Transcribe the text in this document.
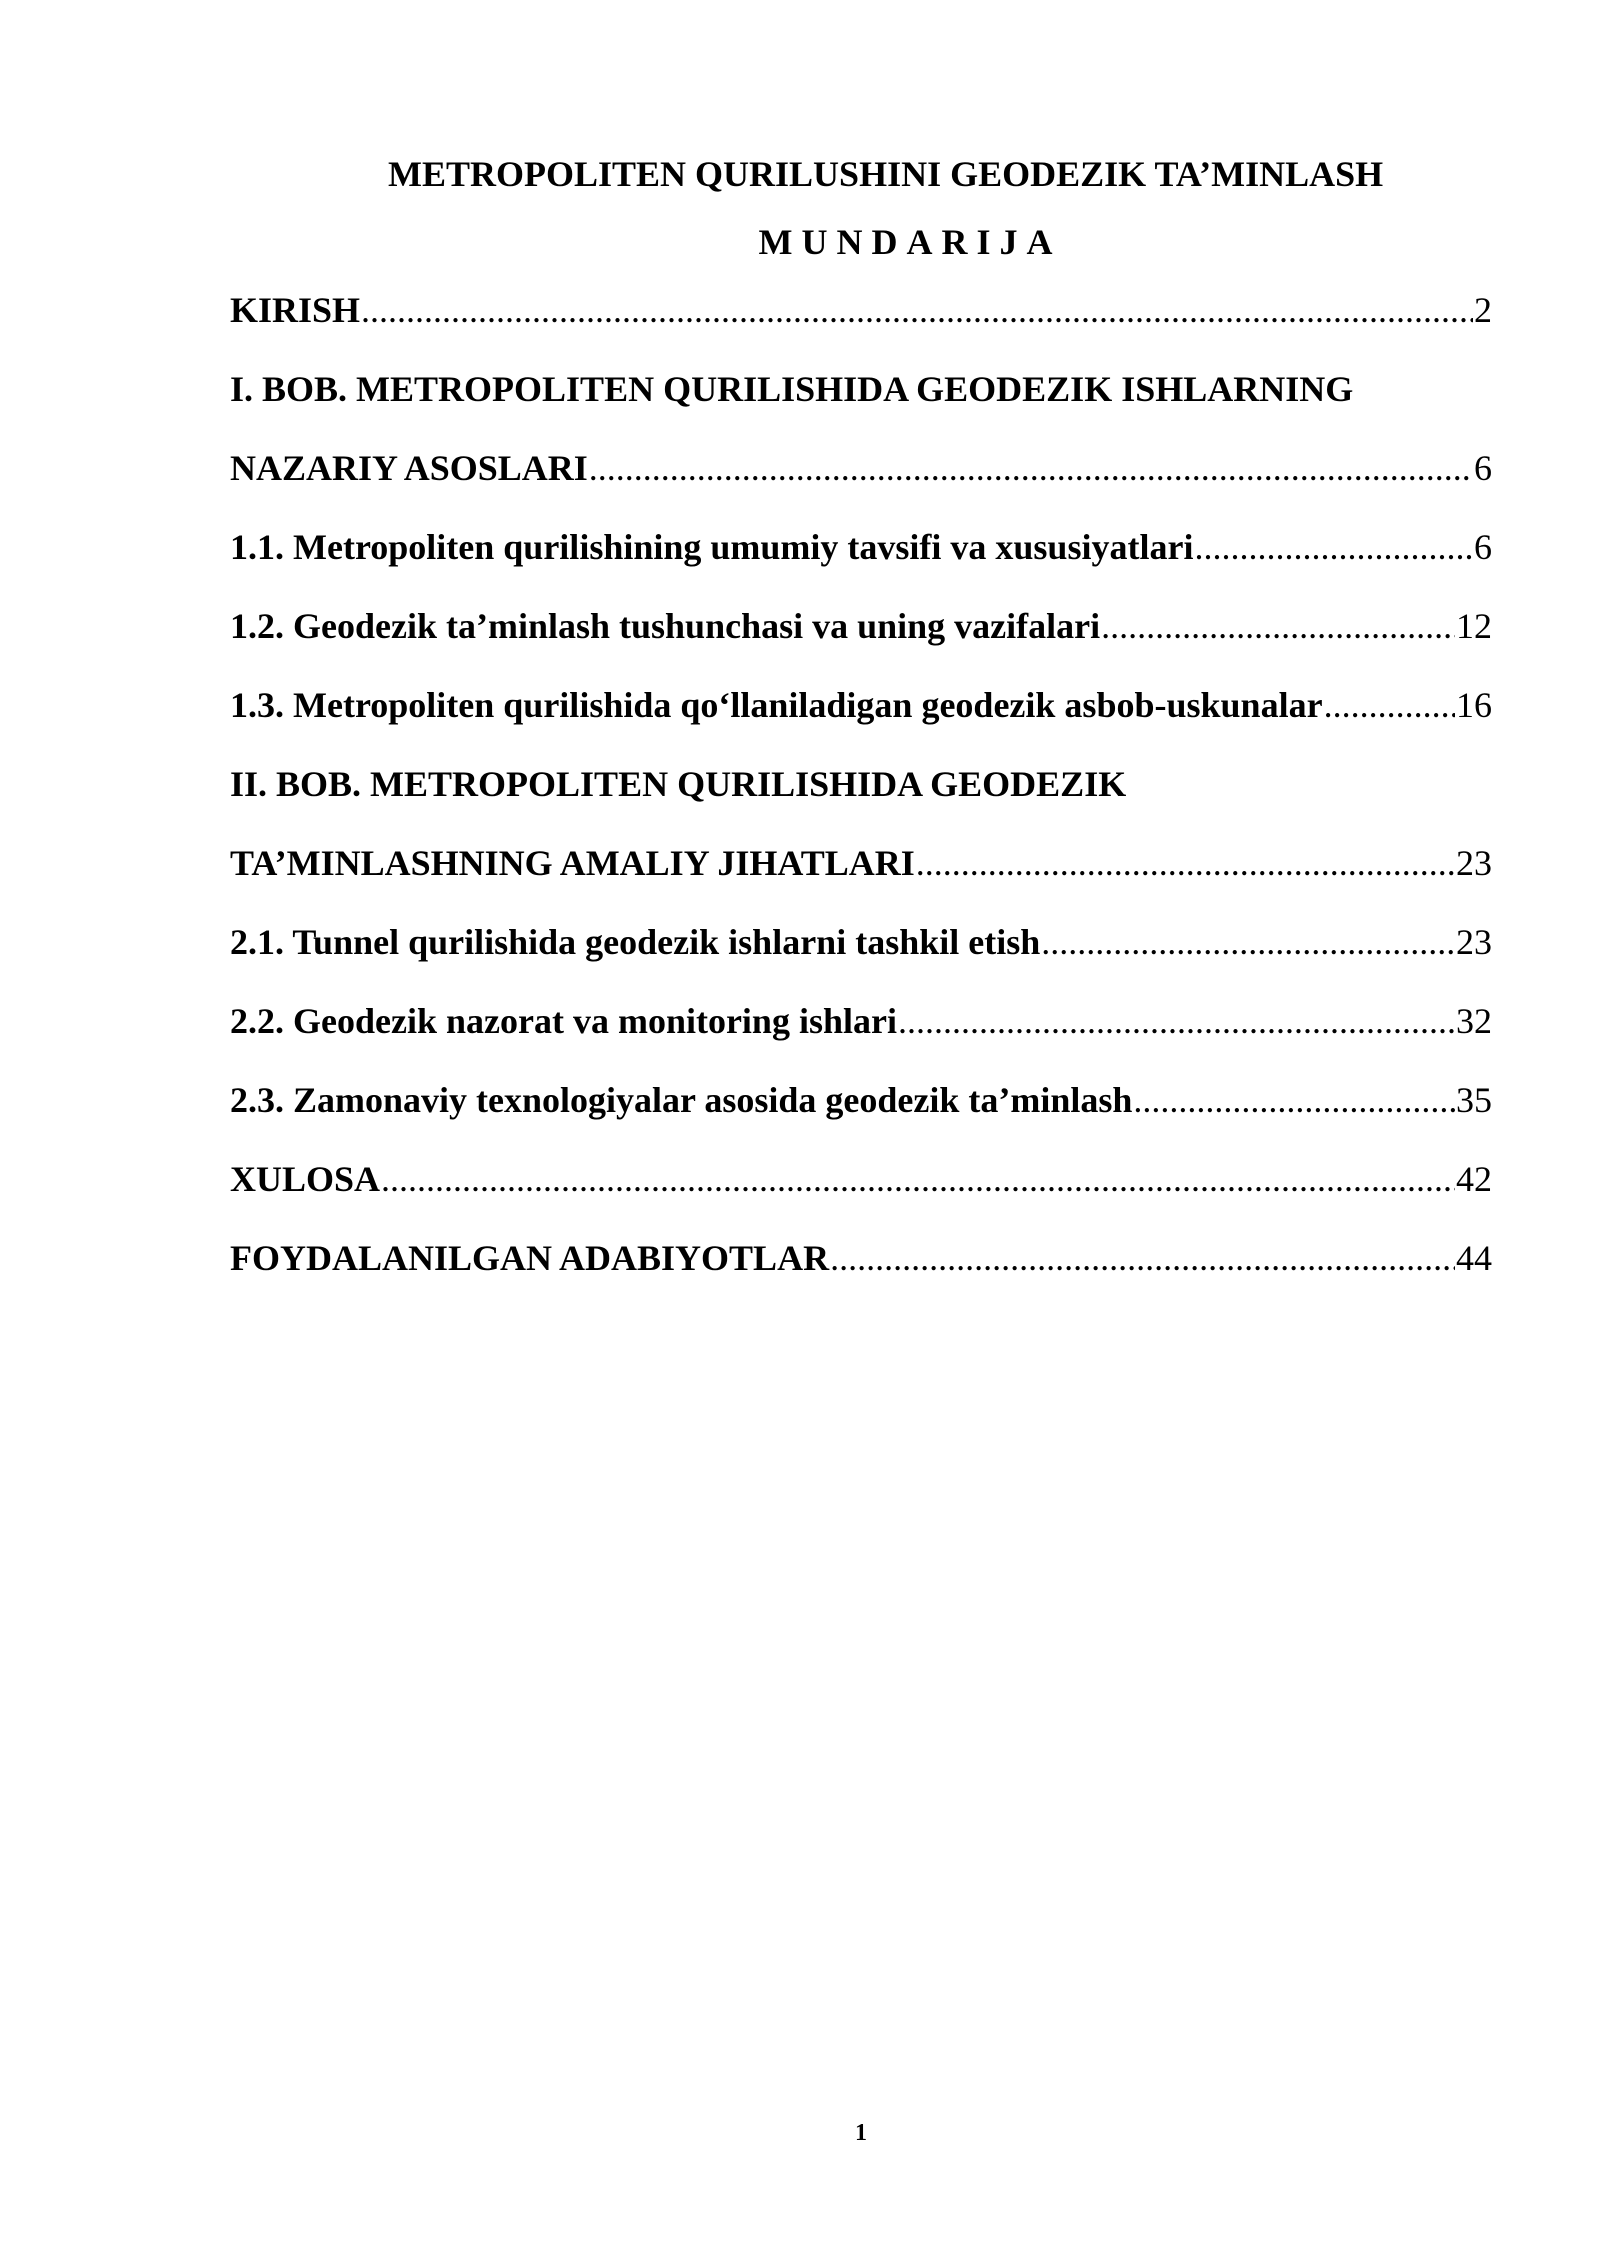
METROPOLITEN QURILUSHINI GEODEZIK TA’MINLASH
MUNDARIJA
KIRISH .....	2
I. BOB. METROPOLITEN QURILISHIDA GEODEZIK ISHLARNING
NAZARIY ASOSLARI .....	6
1.1. Metropoliten qurilishining umumiy tavsifi va xususiyatlari .....	6
1.2. Geodezik ta’minlash tushunchasi va uning vazifalari .....	12
1.3. Metropoliten qurilishida qo‘llaniladigan geodezik asbob-uskunalar .....	16
II. BOB. METROPOLITEN QURILISHIDA GEODEZIK
TA’MINLASHNING AMALIY JIHATLARI .....	23
2.1. Tunnel qurilishida geodezik ishlarni tashkil etish .....	23
2.2. Geodezik nazorat va monitoring ishlari .....	32
2.3. Zamonaviy texnologiyalar asosida geodezik ta’minlash .....	35
XULOSA .....	42
FOYDALANILGAN ADABIYOTLAR .....	44
1
